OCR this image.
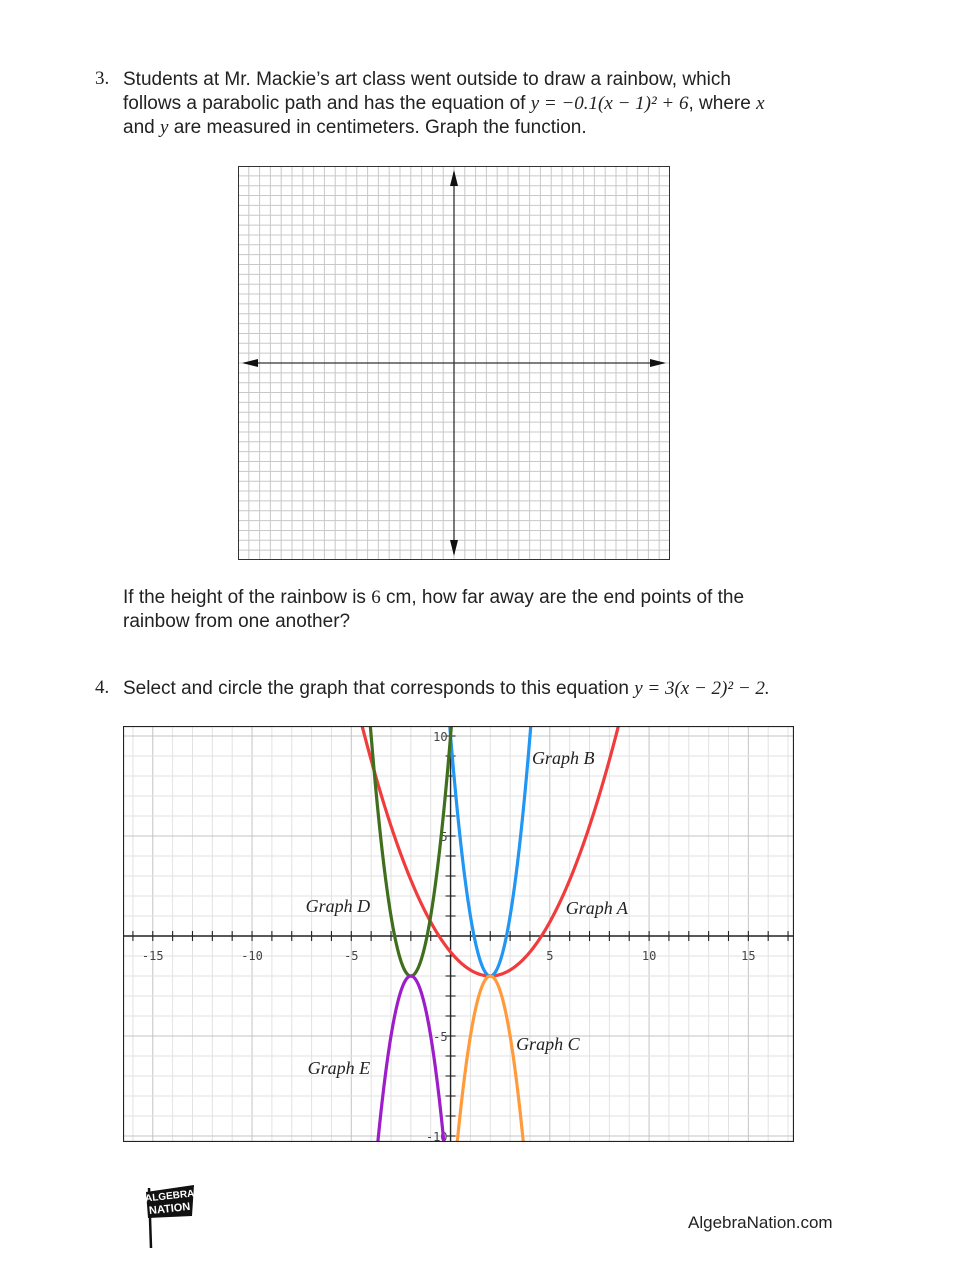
3. Students at Mr. Mackie’s art class went outside to draw a rainbow, which
follows a parabolic path and has the equation of y = −0.1(x − 1)² + 6, where x
and y are measured in centimeters. Graph the function.
If the height of the rainbow is 6 cm, how far away are the end points of the
rainbow from one another?
4. Select and circle the graph that corresponds to this equation y = 3(x − 2)² − 2.
-15	-10	-5	5	10	15
10
5
-5
-10
Graph A
Graph B
Graph C
Graph D
Graph E
ALGEBRA
NATION
AlgebraNation.com
